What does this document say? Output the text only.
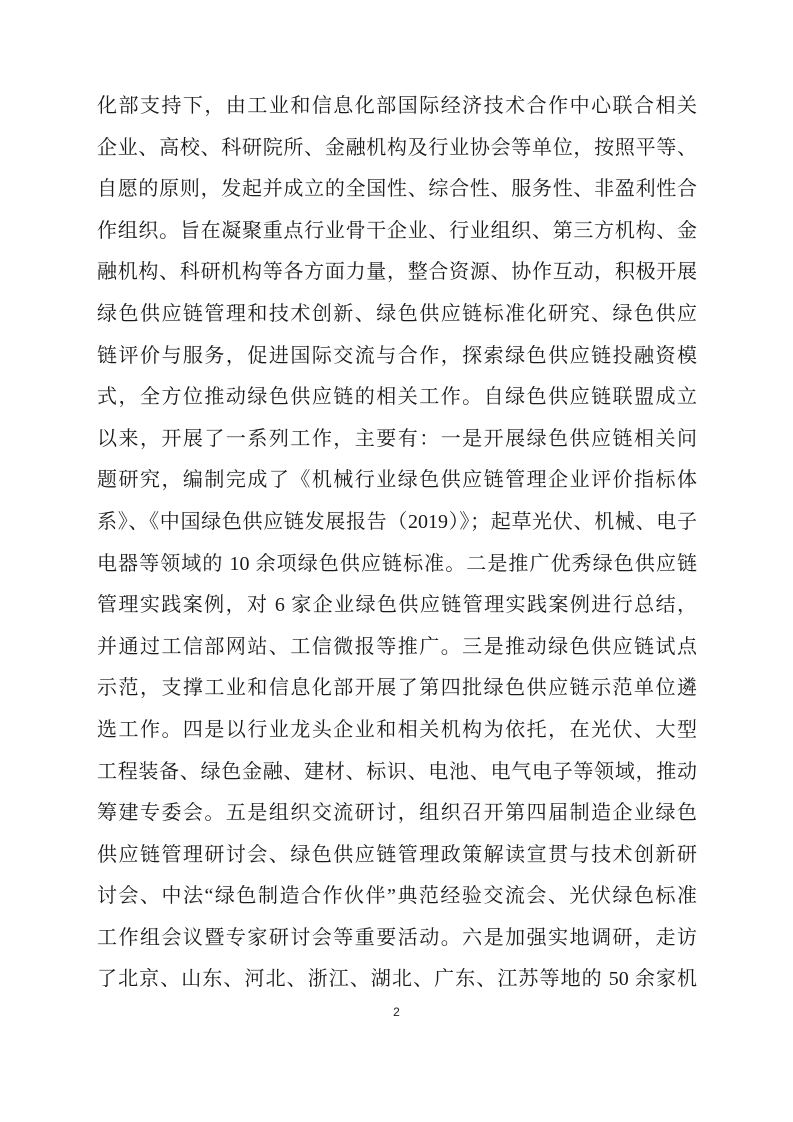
化部支持下，由工业和信息化部国际经济技术合作中心联合相关
企业、高校、科研院所、金融机构及行业协会等单位，按照平等、
自愿的原则，发起并成立的全国性、综合性、服务性、非盈利性合
作组织。旨在凝聚重点行业骨干企业、行业组织、第三方机构、金
融机构、科研机构等各方面力量，整合资源、协作互动，积极开展
绿色供应链管理和技术创新、绿色供应链标准化研究、绿色供应
链评价与服务，促进国际交流与合作，探索绿色供应链投融资模
式，全方位推动绿色供应链的相关工作。自绿色供应链联盟成立
以来，开展了一系列工作，主要有：一是开展绿色供应链相关问
题研究，编制完成了《机械行业绿色供应链管理企业评价指标体
系》、《中国绿色供应链发展报告（2019）》；起草光伏、机械、电子
电器等领域的 10 余项绿色供应链标准。二是推广优秀绿色供应链
管理实践案例，对 6 家企业绿色供应链管理实践案例进行总结，
并通过工信部网站、工信微报等推广。三是推动绿色供应链试点
示范，支撑工业和信息化部开展了第四批绿色供应链示范单位遴
选工作。四是以行业龙头企业和相关机构为依托，在光伏、大型
工程装备、绿色金融、建材、标识、电池、电气电子等领域，推动
筹建专委会。五是组织交流研讨，组织召开第四届制造企业绿色
供应链管理研讨会、绿色供应链管理政策解读宣贯与技术创新研
讨会、中法“绿色制造合作伙伴”典范经验交流会、光伏绿色标准
工作组会议暨专家研讨会等重要活动。六是加强实地调研，走访
了北京、山东、河北、浙江、湖北、广东、江苏等地的 50 余家机
2
